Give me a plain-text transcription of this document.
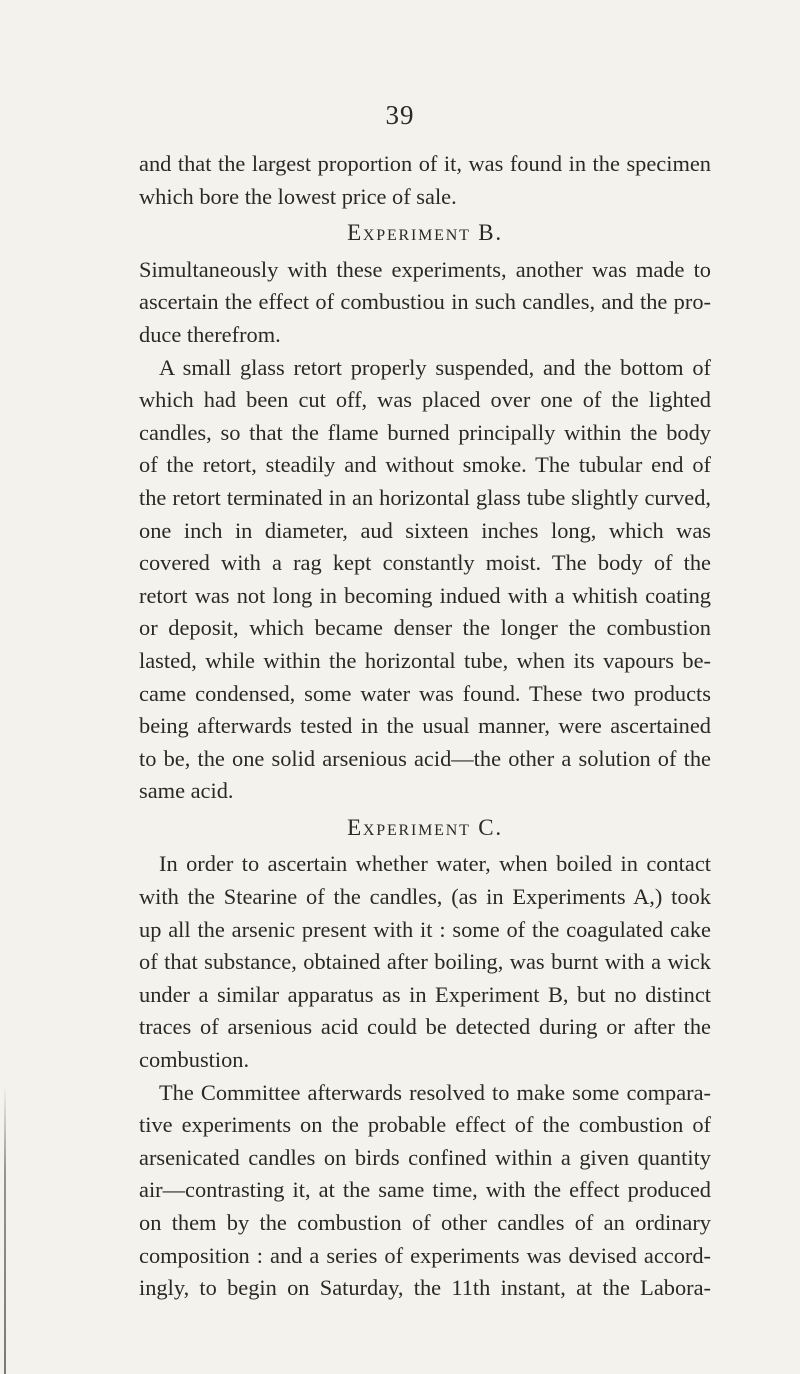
39
and that the largest proportion of it, was found in the specimen
which bore the lowest price of sale.
Experiment B.
Simultaneously with these experiments, another was made to
ascertain the effect of combustiou in such candles, and the pro-
duce therefrom.
A small glass retort properly suspended, and the bottom of
which had been cut off, was placed over one of the lighted
candles, so that the flame burned principally within the body
of the retort, steadily and without smoke. The tubular end of
the retort terminated in an horizontal glass tube slightly curved,
one inch in diameter, aud sixteen inches long, which was
covered with a rag kept constantly moist. The body of the
retort was not long in becoming indued with a whitish coating
or deposit, which became denser the longer the combustion
lasted, while within the horizontal tube, when its vapours be-
came condensed, some water was found. These two products
being afterwards tested in the usual manner, were ascertained
to be, the one solid arsenious acid—the other a solution of the
same acid.
Experiment C.
In order to ascertain whether water, when boiled in contact
with the Stearine of the candles, (as in Experiments A,) took
up all the arsenic present with it : some of the coagulated cake
of that substance, obtained after boiling, was burnt with a wick
under a similar apparatus as in Experiment B, but no distinct
traces of arsenious acid could be detected during or after the
combustion.
The Committee afterwards resolved to make some compara-
tive experiments on the probable effect of the combustion of
arsenicated candles on birds confined within a given quantity
air—contrasting it, at the same time, with the effect produced
on them by the combustion of other candles of an ordinary
composition : and a series of experiments was devised accord-
ingly, to begin on Saturday, the 11th instant, at the Labora-
